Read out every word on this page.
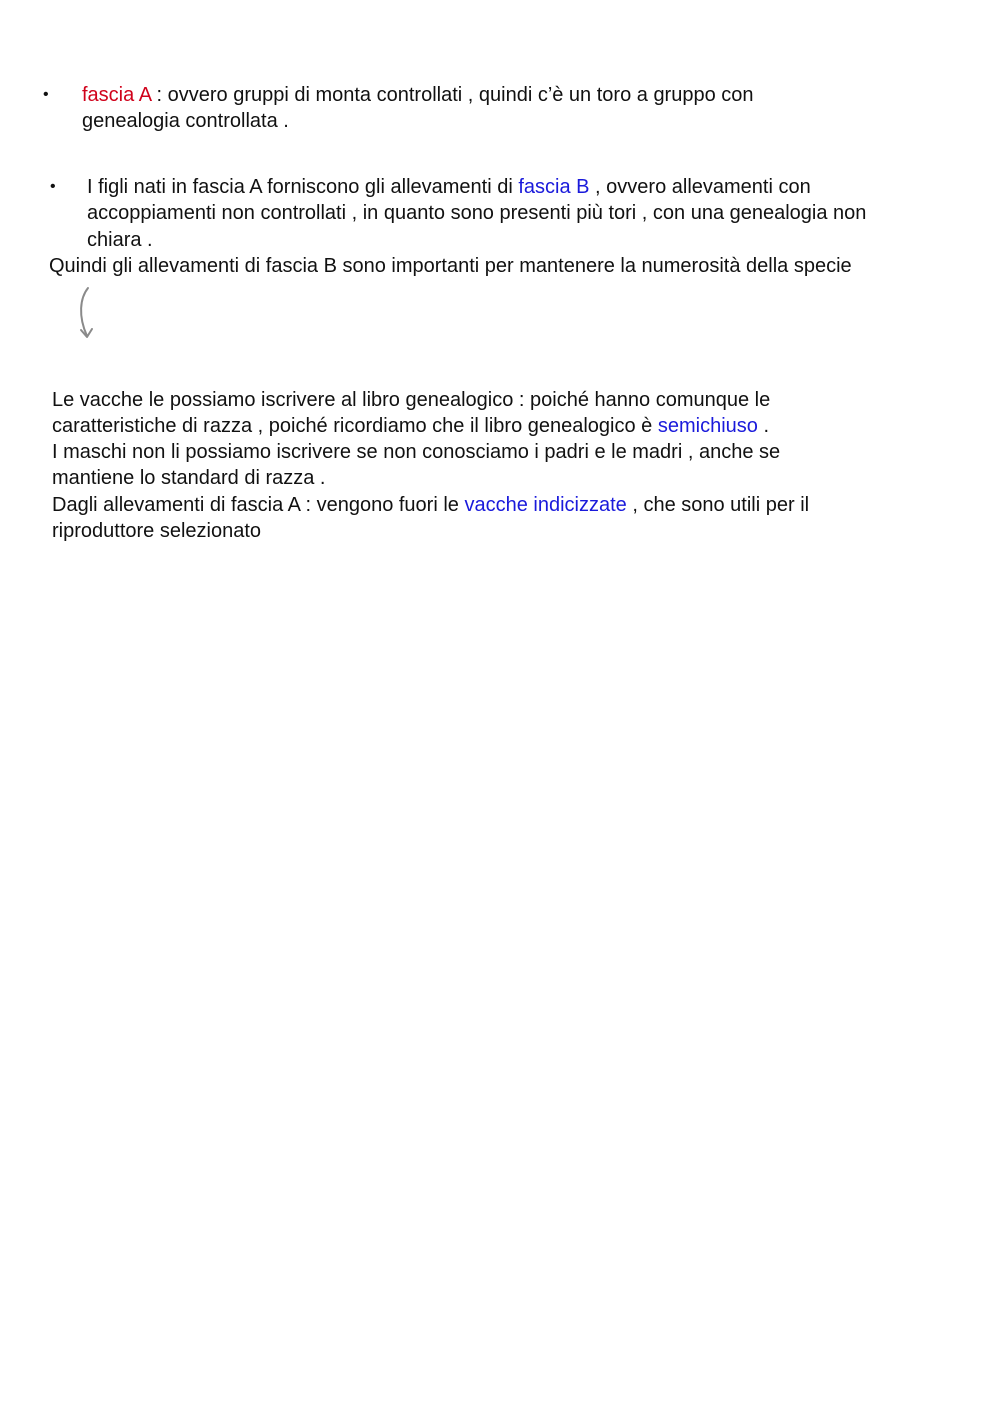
• fascia A : ovvero gruppi di monta controllati , quindi c’è un toro a gruppo con
genealogia controllata .
• I figli nati in fascia A forniscono gli allevamenti di fascia B , ovvero allevamenti con
accoppiamenti non controllati , in quanto sono presenti più tori , con una genealogia non
chiara .
Quindi gli allevamenti di fascia B sono importanti per mantenere la numerosità della specie
Le vacche le possiamo iscrivere al libro genealogico : poiché hanno comunque le
caratteristiche di razza , poiché ricordiamo che il libro genealogico è semichiuso .
I maschi non li possiamo iscrivere se non conosciamo i padri e le madri , anche se
mantiene lo standard di razza .
Dagli allevamenti di fascia A : vengono fuori le vacche indicizzate , che sono utili per il
riproduttore selezionato
